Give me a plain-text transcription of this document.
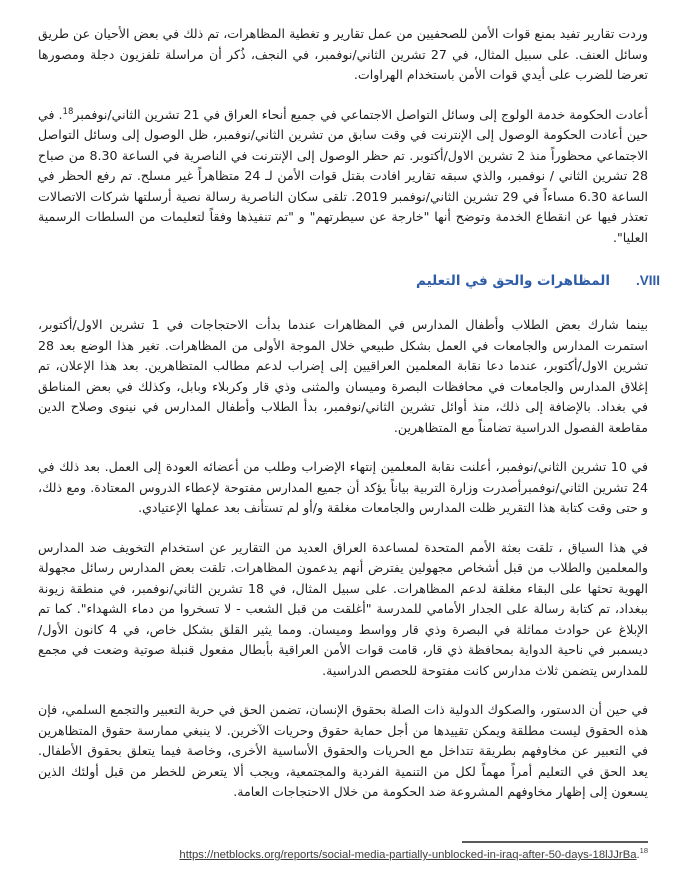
وردت تقارير تفيد بمنع قوات الأمن للصحفيين من عمل تقارير و تغطية المظاهرات، تم ذلك في بعض الأحيان عن طريق وسائل العنف. على سبيل المثال، في 27 تشرين الثاني/نوفمبر، في النجف، ذُكر أن مراسلة تلفزيون دجلة ومصورها تعرضا للضرب على أيدي قوات الأمن باستخدام الهراوات.

أعادت الحكومة خدمة الولوج إلى وسائل التواصل الاجتماعي في جميع أنحاء العراق في 21 تشرين الثاني/نوفمبر$^{18}$. في حين أعادت الحكومة الوصول إلى الإنترنت في وقت سابق من تشرين الثاني/نوفمبر، ظل الوصول إلى وسائل التواصل الاجتماعي محظوراً منذ 2 تشرين الاول/أكتوبر. تم حظر الوصول إلى الإنترنت في الناصرية في الساعة 8.30 من صباح 28 تشرين الثاني / نوفمبر، والذي سبقه تقارير افادت بقتل قوات الأمن لـ 24 متظاهراً غير مسلح. تم رفع الحظر في الساعة 6.30 مساءاً في 29 تشرين الثاني/نوفمبر 2019. تلقى سكان الناصرية رسالة نصية أرسلتها شركات الاتصالات تعتذر فيها عن انقطاع الخدمة وتوضح أنها "خارجة عن سيطرتهم" و "تم تنفيذها وفقاً لتعليمات من السلطات الرسمية العليا".

VIII.المظاهرات والحق في التعليم

بينما شارك بعض الطلاب وأطفال المدارس في المظاهرات عندما بدأت الاحتجاجات في 1 تشرين الاول/أكتوبر، استمرت المدارس والجامعات في العمل بشكل طبيعي خلال الموجة الأولى من المظاهرات. تغير هذا الوضع بعد 28 تشرين الاول/أكتوبر، عندما دعا نقابة المعلمين العراقيين إلى إضراب لدعم مطالب المتظاهرين. بعد هذا الإعلان، تم إغلاق المدارس والجامعات في محافظات البصرة وميسان والمثنى وذي قار وكربلاء وبابل، وكذلك في بعض المناطق في بغداد. بالإضافة إلى ذلك، منذ أوائل تشرين الثاني/نوفمبر، بدأ الطلاب وأطفال المدارس في نينوى وصلاح الدين مقاطعة الفصول الدراسية تضامناً مع المتظاهرين.

في 10 تشرين الثاني/نوفمبر، أعلنت نقابة المعلمين إنتهاء الإضراب وطلب من أعضائه العودة إلى العمل. بعد ذلك في 24 تشرين الثاني/نوفمبرأصدرت وزارة التربية بياناً يؤكد أن جميع المدارس مفتوحة لإعطاء الدروس المعتادة. ومع ذلك، و حتى وقت كتابة هذا التقرير ظلت المدارس والجامعات مغلقة و/أو لم تستأنف بعد عملها الإعتيادي.

في هذا السياق ، تلقت بعثة الأمم المتحدة لمساعدة العراق العديد من التقارير عن استخدام التخويف ضد المدارس والمعلمين والطلاب من قبل أشخاص مجهولين يفترض أنهم يدعمون المظاهرات. تلقت بعض المدارس رسائل مجهولة الهوية تحثها على البقاء مغلقة لدعم المظاهرات. على سبيل المثال، في 18 تشرين الثاني/نوفمبر، في منطقة زيونة ببغداد، تم كتابة رسالة على الجدار الأمامي للمدرسة "أغلقت من قبل الشعب - لا تسخروا من دماء الشهداء". كما تم الإبلاغ عن حوادث مماثلة في البصرة وذي قار وواسط وميسان. ومما يثير القلق بشكل خاص، في 4 كانون الأول/ديسمبر في ناحية الدواية بمحافظة ذي قار، قامت قوات الأمن العراقية بأبطال مفعول قنبلة صوتية وضعت في مجمع للمدارس يتضمن ثلاث مدارس كانت مفتوحة للحصص الدراسية.

في حين أن الدستور، والصكوك الدولية ذات الصلة بحقوق الإنسان، تضمن الحق في حرية التعبير والتجمع السلمي، فإن هذه الحقوق ليست مطلقة ويمكن تقييدها من أجل حماية حقوق وحريات الآخرين. لا ينبغي ممارسة حقوق المتظاهرين في التعبير عن مخاوفهم بطريقة تتداخل مع الحريات والحقوق الأساسية الأخرى، وخاصة فيما يتعلق بحقوق الأطفال. يعد الحق في التعليم أمراً مهماً لكل من التنمية الفردية والمجتمعية، ويجب ألا يتعرض للخطر من قبل أولئك الذين يسعون إلى إظهار مخاوفهم المشروعة ضد الحكومة من خلال الاحتجاجات العامة.

https://netblocks.org/reports/social-media-partially-unblocked-in-iraq-after-50-days-18lJJrBa.$^{18}$
